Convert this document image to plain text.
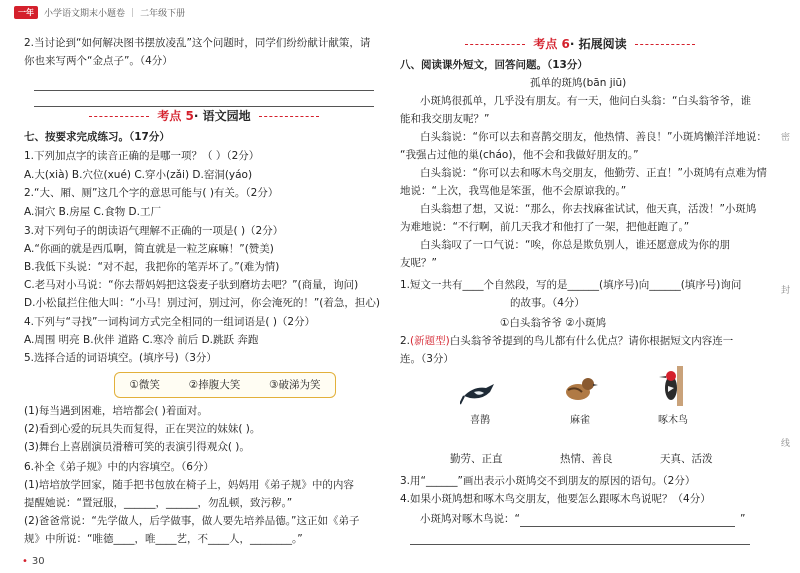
一年	小学语文期末小题卷 | 二年级下册
2.当讨论到“如何解决图书摆放凌乱”这个问题时，同学们纷纷献计献策，请
你也来写两个“金点子”。（4分）
考点 5· 语文园地
七、按要求完成练习。（17分）
1.下列加点字的读音正确的是哪一项？（ ）（2分）
A.大(xià) B.穴位(xué) C.穿小(zǎi) D.窑洞(yáo)
2.“大、厢、厕”这几个字的意思可能与( )有关。（2分）
A.洞穴 B.房屋 C.食物 D.工厂
3.对下列句子的朗读语气理解不正确的一项是( )（2分）
A.“你画的就是西瓜啊，简直就是一粒芝麻嘛！”(赞美)
B.我低下头说：“对不起，我把你的笔弄坏了。”(难为情)
C.老马对小马说：“你去帮妈妈把这袋麦子驮到磨坊去吧？”(商量，询问)
D.小松鼠拦住他大叫：“小马！别过河，别过河，你会淹死的！”(着急，担心)
4.下列与“寻找”一词构词方式完全相同的一组词语是( )（2分）
A.周围 明亮 B.伙伴 道路 C.寒冷 前后 D.跳跃 奔跑
5.选择合适的词语填空。(填序号)（3分）
①微笑	②捧腹大笑	③破涕为笑
(1)每当遇到困难，培培都会( )着面对。
(2)看到心爱的玩具失而复得，正在哭泣的妹妹( )。
(3)舞台上喜剧演员滑稽可笑的表演引得观众( )。
6.补全《弟子规》中的内容填空。（6分）
(1)培培放学回家，随手把书包放在椅子上，妈妈用《弟子规》中的内容
提醒她说：“置冠服，______，______，勿乱顿，致污秽。”
(2)爸爸常说：“先学做人，后学做事，做人要先培养品德。”这正如《弟子
规》中所说：“唯德____，唯____艺，不____人，________。”
• 30
考点 6· 拓展阅读
八、阅读课外短文，回答问题。（13分）
孤单的斑鸠(bān jiū)
小斑鸠很孤单，几乎没有朋友。有一天，他问白头翁：“白头翁爷爷，谁
能和我交朋友呢？”
白头翁说：“你可以去和喜鹊交朋友，他热情、善良！”小斑鸠懒洋洋地说：
“我强占过他的巢(cháo)，他不会和我做好朋友的。”
白头翁说：“你可以去和啄木鸟交朋友，他勤劳、正直！”小斑鸠有点难为情
地说：“上次，我骂他是笨蛋，他不会原谅我的。”
白头翁想了想，又说：“那么，你去找麻雀试试，他天真，活泼！”小斑鸠
为难地说：“不行啊，前几天我才和他打了一架，把他赶跑了。”
白头翁叹了一口气说：“唉，你总是欺负别人，谁还愿意成为你的朋
友呢？”
1.短文一共有____个自然段，写的是______(填序号)向______(填序号)询问
的故事。（4分）
①白头翁爷爷 ②小斑鸠
2.(新题型)白头翁爷爷提到的鸟儿都有什么优点？请你根据短文内容连一
连。（3分）
喜鹊	麻雀	啄木鸟
勤劳、正直	热情、善良	天真、活泼
3.用“______”画出表示小斑鸠交不到朋友的原因的语句。（2分）
4.如果小斑鸠想和啄木鸟交朋友，他要怎么跟啄木鸟说呢？（4分）
小斑鸠对啄木鸟说：“	”
密
封
线
